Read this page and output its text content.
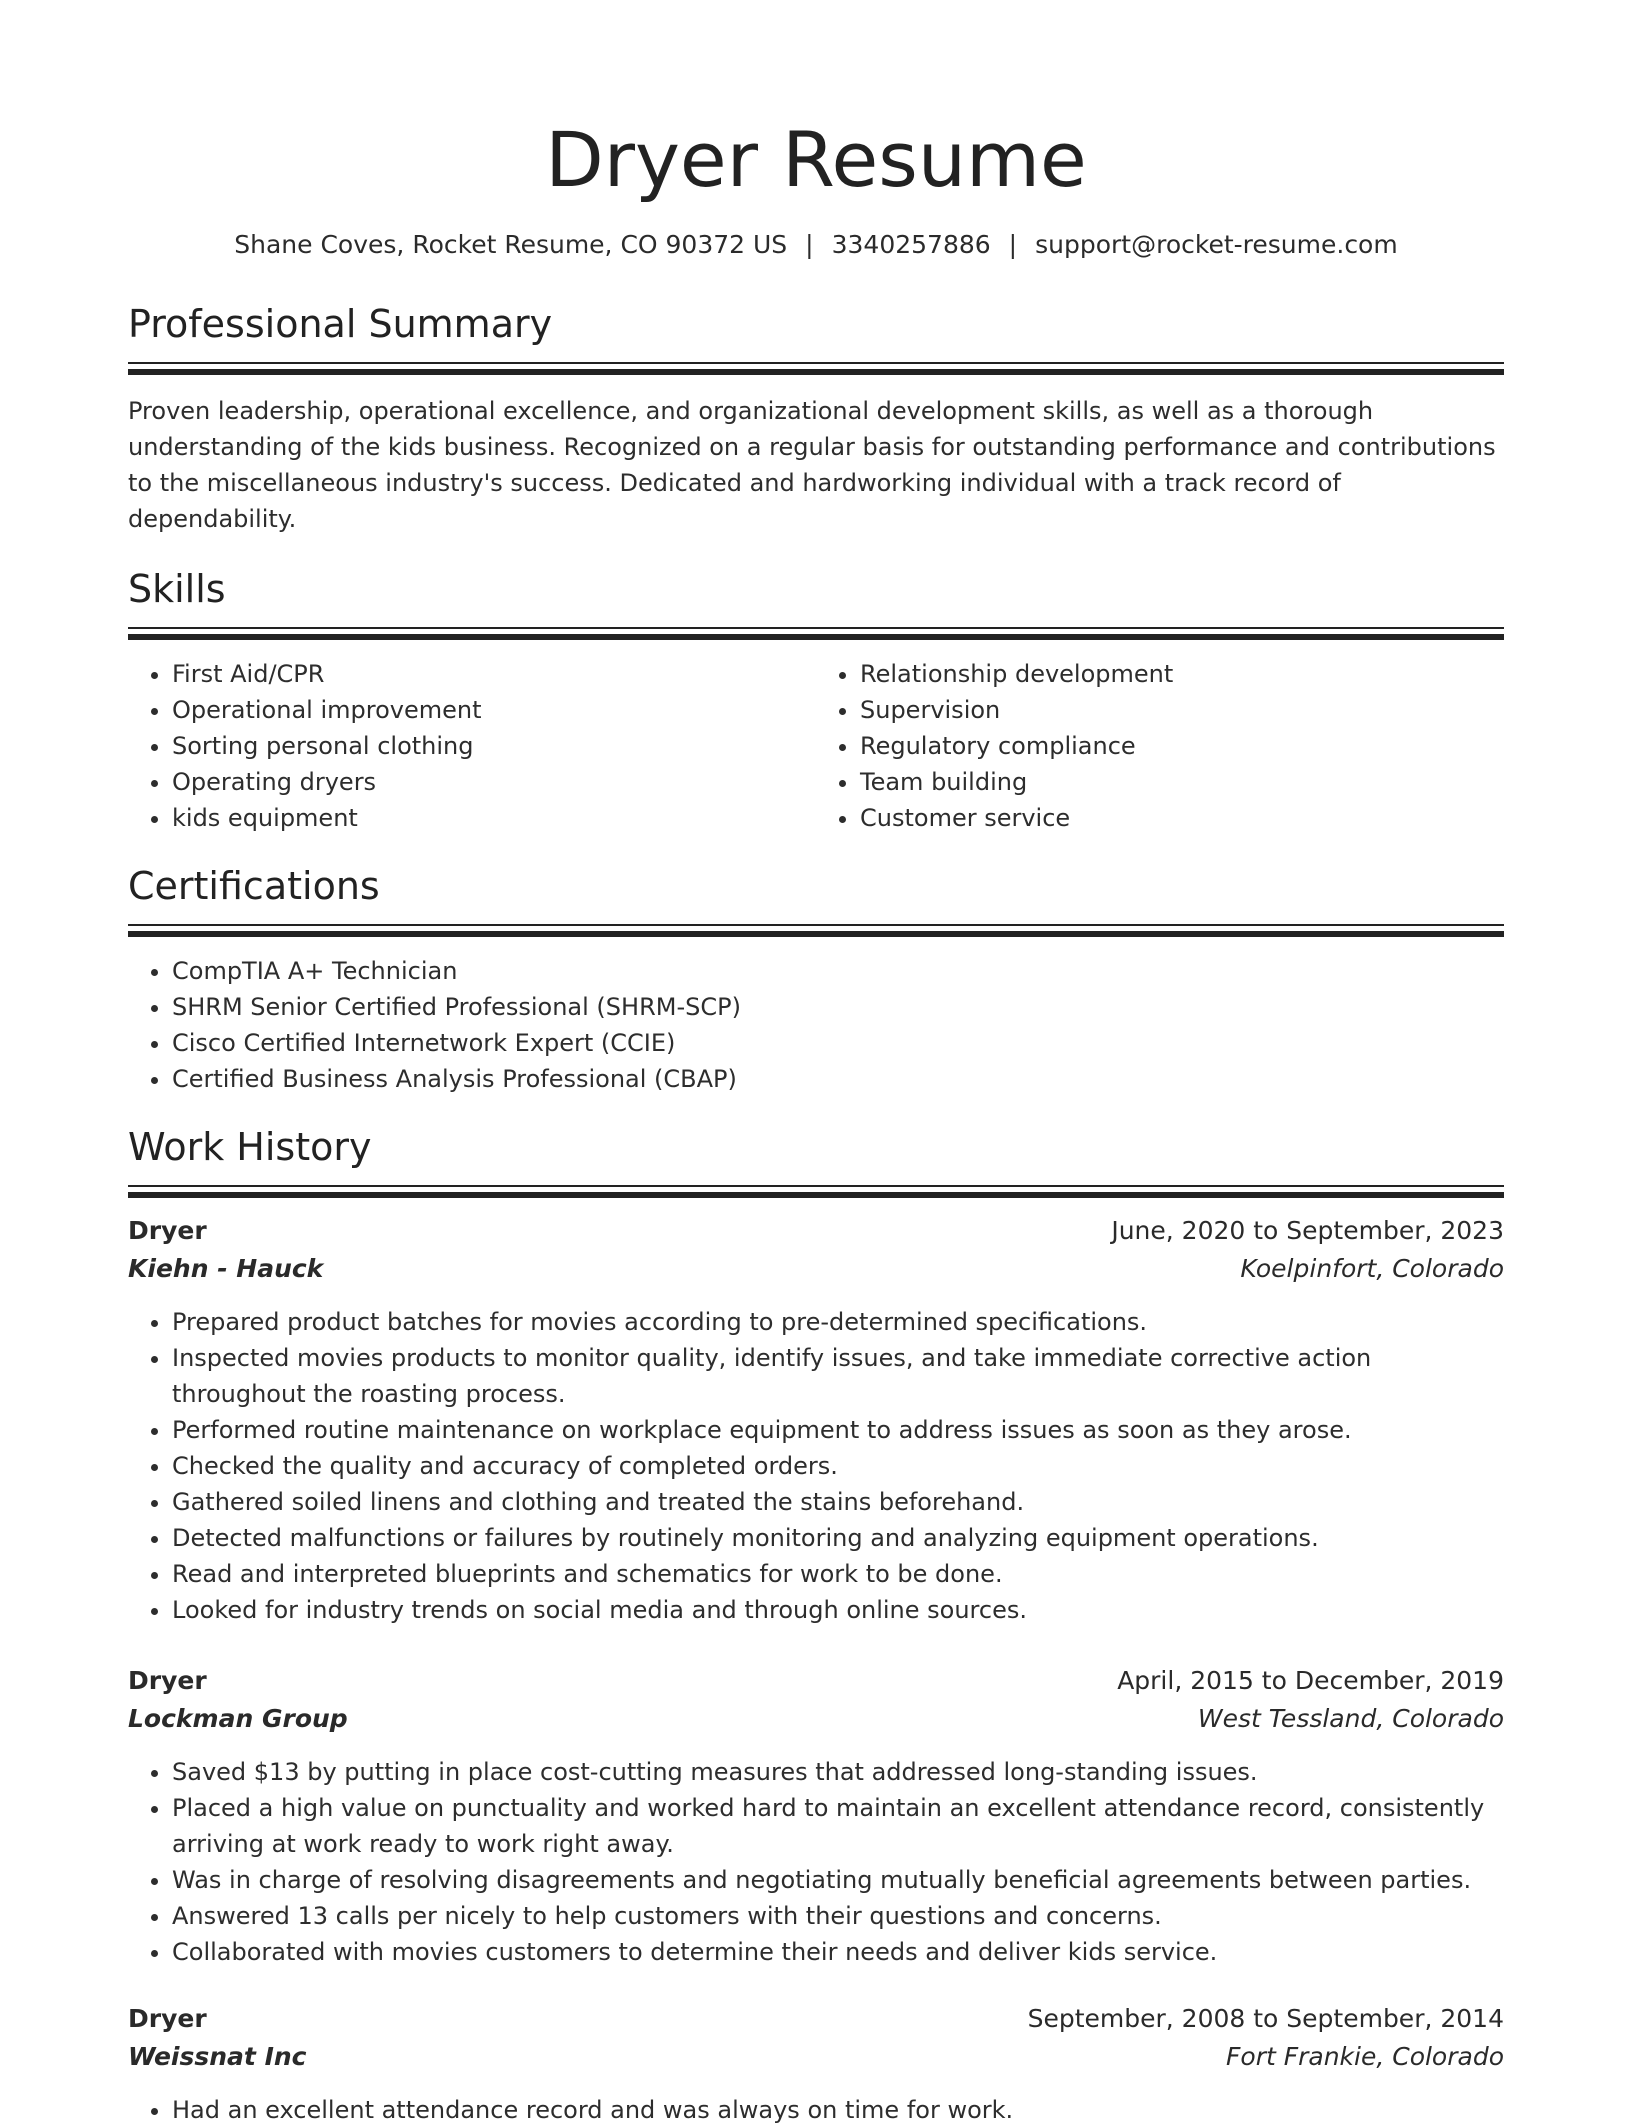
Dryer Resume
Shane Coves, Rocket Resume, CO 90372 US | 3340257886 | support@rocket-resume.com
Professional Summary

Proven leadership, operational excellence, and organizational development skills, as well as a thorough understanding of the kids business. Recognized on a regular basis for outstanding performance and contributions to the miscellaneous industry's success. Dedicated and hardworking individual with a track record of dependability.

Skills
• First Aid/CPR
• Operational improvement
• Sorting personal clothing
• Operating dryers
• kids equipment
• Relationship development
• Supervision
• Regulatory compliance
• Team building
• Customer service
Certifications
• CompTIA A+ Technician
• SHRM Senior Certified Professional (SHRM-SCP)
• Cisco Certified Internetwork Expert (CCIE)
• Certified Business Analysis Professional (CBAP)
Work History
Dryer	June, 2020 to September, 2023
Kiehn - Hauck	Koelpinfort, Colorado
• Prepared product batches for movies according to pre-determined specifications.
• Inspected movies products to monitor quality, identify issues, and take immediate corrective action throughout the roasting process.
• Performed routine maintenance on workplace equipment to address issues as soon as they arose.
• Checked the quality and accuracy of completed orders.
• Gathered soiled linens and clothing and treated the stains beforehand.
• Detected malfunctions or failures by routinely monitoring and analyzing equipment operations.
• Read and interpreted blueprints and schematics for work to be done.
• Looked for industry trends on social media and through online sources.
Dryer	April, 2015 to December, 2019
Lockman Group	West Tessland, Colorado
• Saved $13 by putting in place cost-cutting measures that addressed long-standing issues.
• Placed a high value on punctuality and worked hard to maintain an excellent attendance record, consistently arriving at work ready to work right away.
• Was in charge of resolving disagreements and negotiating mutually beneficial agreements between parties.
• Answered 13 calls per nicely to help customers with their questions and concerns.
• Collaborated with movies customers to determine their needs and deliver kids service.
Dryer	September, 2008 to September, 2014
Weissnat Inc	Fort Frankie, Colorado
• Had an excellent attendance record and was always on time for work.
